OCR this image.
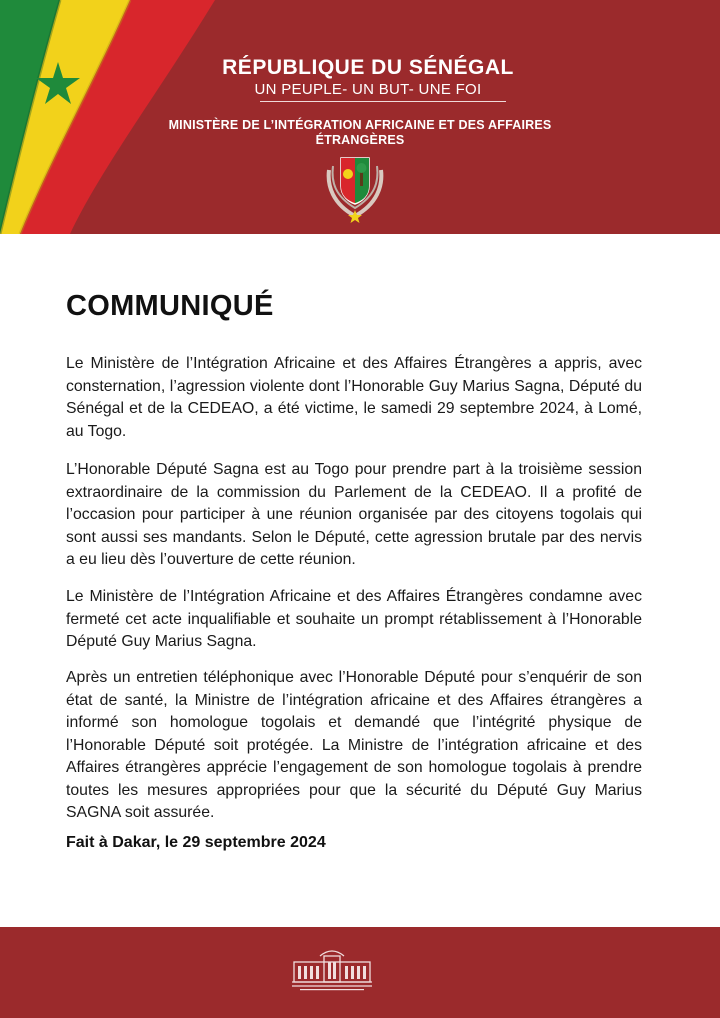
RÉPUBLIQUE DU SÉNÉGAL
UN PEUPLE- UN BUT- UNE FOI
MINISTÈRE DE L’INTÉGRATION AFRICAINE ET DES AFFAIRES
ÉTRANGÈRES
COMMUNIQUÉ

Le Ministère de l’Intégration Africaine et des Affaires Étrangères a appris, avec consternation, l’agression violente dont l’Honorable Guy Marius Sagna, Député du Sénégal et de la CEDEAO, a été victime, le samedi 29 septembre 2024, à Lomé, au Togo.

L’Honorable Député Sagna est au Togo pour prendre part à la troisième session extraordinaire de la commission du Parlement de la CEDEAO. Il a profité de l’occasion pour participer à une réunion organisée par des citoyens togolais qui sont aussi ses mandants. Selon le Député, cette agression brutale par des nervis a eu lieu dès l’ouverture de cette réunion.

Le Ministère de l’Intégration Africaine et des Affaires Étrangères condamne avec fermeté cet acte inqualifiable et souhaite un prompt rétablissement à l’Honorable Député Guy Marius Sagna.

Après un entretien téléphonique avec l’Honorable Député pour s’enquérir de son état de santé, la Ministre de l’intégration africaine et des Affaires étrangères a informé son homologue togolais et demandé que l’intégrité physique de l’Honorable Député soit protégée. La Ministre de l’intégration africaine et des Affaires étrangères apprécie l’engagement de son homologue togolais à prendre toutes les mesures appropriées pour que la sécurité du Député Guy Marius SAGNA soit assurée.

Fait à Dakar, le 29 septembre 2024
